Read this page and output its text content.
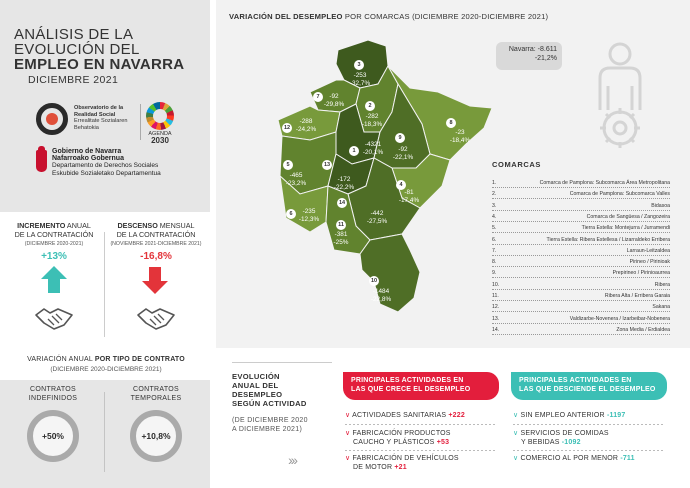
ANÁLISIS DE LA
EVOLUCIÓN DEL
EMPLEO EN NAVARRA
DICIEMBRE 2021
Observatorio de la Realidad Social
Errealitate Sozialaren
Behatokia
AGENDA
2030
Gobierno de Navarra
Nafarroako Gobernua
Departamento de Derechos Sociales
Eskubide Sozialetako Departamentua
INCREMENTO ANUAL
DE LA CONTRATACIÓN
(DICIEMBRE 2020-2021)
+13%
DESCENSO MENSUAL
DE LA CONTRATACIÓN
(NOVIEMBRE 2021-DICIEMBRE 2021)
-16,8%
VARIACIÓN ANUAL POR TIPO DE CONTRATO
(DICIEMBRE 2020-DICIEMBRE 2021)
CONTRATOS
INDEFINIDOS
+50%
CONTRATOS
TEMPORALES
+10,8%
VARIACIÓN DEL DESEMPLEO POR COMARCAS (DICIEMBRE 2020-DICIEMBRE 2021)
3
-253
-32,7%
7	-92
-29,8%	2
-282
-18,3%	8
-23
-18,4%
12
-288
-24,2%
9
-92
-22,1%
1
-4321
-20,1%
5
-465
-23,2%
13
-172
-22,2%	4
-81
-17,4%
6	-235
-12,3%
14
-442
-27,5%
11
-381
-25%
10
-1484
-22,8%
Navarra: -8.611
-21,2%
COMARCAS
1.	Comarca de Pamplona: Subcomarca Área Metropolitana
2.	Comarca de Pamplona: Subcomarca Valles
3.	Bidasoa
4.	Comarca de Sangüesa / Zangozeira
5.	Tierra Estella: Montejurra / Jurramendi
6.	Tierra Estella: Ribera Estellesa / Lizarraldeko Erribera
7.	Larraun-Leitzaldea
8.	Pirineo / Pirinioak
9.	Prepirineo / Pirinioaurrea
10.	Ribera
11.	Ribera Alta / Erribera Garaia
12.	Sakana
13.	Valdizarbe-Novenera / Izarbeibar-Nobenera
14.	Zona Media / Erdialdea
EVOLUCIÓN
ANUAL DEL
DESEMPLEO
SEGÚN ACTIVIDAD
(DE DICIEMBRE 2020
A DICIEMBRE 2021)
›››
PRINCIPALES ACTIVIDADES EN
LAS QUE CRECE EL DESEMPLEO
PRINCIPALES ACTIVIDADES EN
LAS QUE DESCIENDE EL DESEMPLEO
∨ ACTIVIDADES SANITARIAS +222
∨ FABRICACIÓN PRODUCTOS
CAUCHO Y PLÁSTICOS +53
∨ FABRICACIÓN DE VEHÍCULOS
DE MOTOR +21
∨ SIN EMPLEO ANTERIOR -1197
∨ SERVICIOS DE COMIDAS
Y BEBIDAS -1092
∨ COMERCIO AL POR MENOR -711
